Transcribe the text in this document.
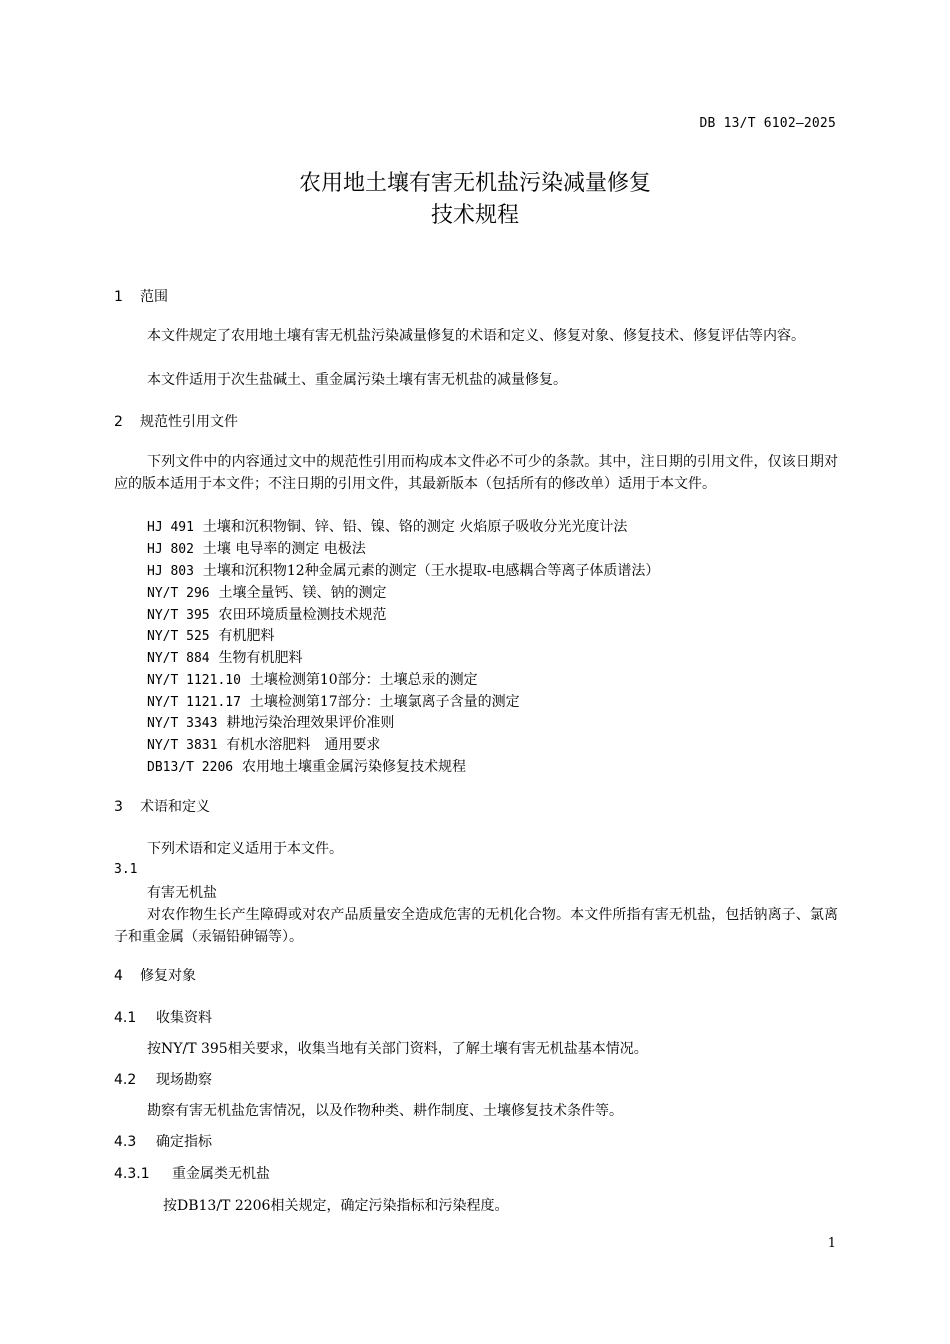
DB 13/T 6102—2025
农用地土壤有害无机盐污染减量修复
技术规程
1 范围
本文件规定了农用地土壤有害无机盐污染减量修复的术语和定义、修复对象、修复技术、修复评估等内容。
本文件适用于次生盐碱土、重金属污染土壤有害无机盐的减量修复。
2 规范性引用文件
下列文件中的内容通过文中的规范性引用而构成本文件必不可少的条款。其中，注日期的引用文件，仅该日期对应的版本适用于本文件；不注日期的引用文件，其最新版本（包括所有的修改单）适用于本文件。
HJ 491 土壤和沉积物铜、锌、铅、镍、铬的测定 火焰原子吸收分光光度计法
HJ 802 土壤 电导率的测定 电极法
HJ 803 土壤和沉积物12种金属元素的测定（王水提取-电感耦合等离子体质谱法）
NY/T 296 土壤全量钙、镁、钠的测定
NY/T 395 农田环境质量检测技术规范
NY/T 525 有机肥料
NY/T 884 生物有机肥料
NY/T 1121.10 土壤检测第10部分：土壤总汞的测定
NY/T 1121.17 土壤检测第17部分：土壤氯离子含量的测定
NY/T 3343 耕地污染治理效果评价准则
NY/T 3831 有机水溶肥料　通用要求
DB13/T 2206 农用地土壤重金属污染修复技术规程
3 术语和定义
下列术语和定义适用于本文件。
3.1
有害无机盐
对农作物生长产生障碍或对农产品质量安全造成危害的无机化合物。本文件所指有害无机盐，包括钠离子、氯离子和重金属（汞镉铅砷镉等）。
4 修复对象
4.1 收集资料
按NY/T 395相关要求，收集当地有关部门资料，了解土壤有害无机盐基本情况。
4.2 现场勘察
勘察有害无机盐危害情况，以及作物种类、耕作制度、土壤修复技术条件等。
4.3 确定指标
4.3.1 重金属类无机盐
按DB13/T 2206相关规定，确定污染指标和污染程度。
1
